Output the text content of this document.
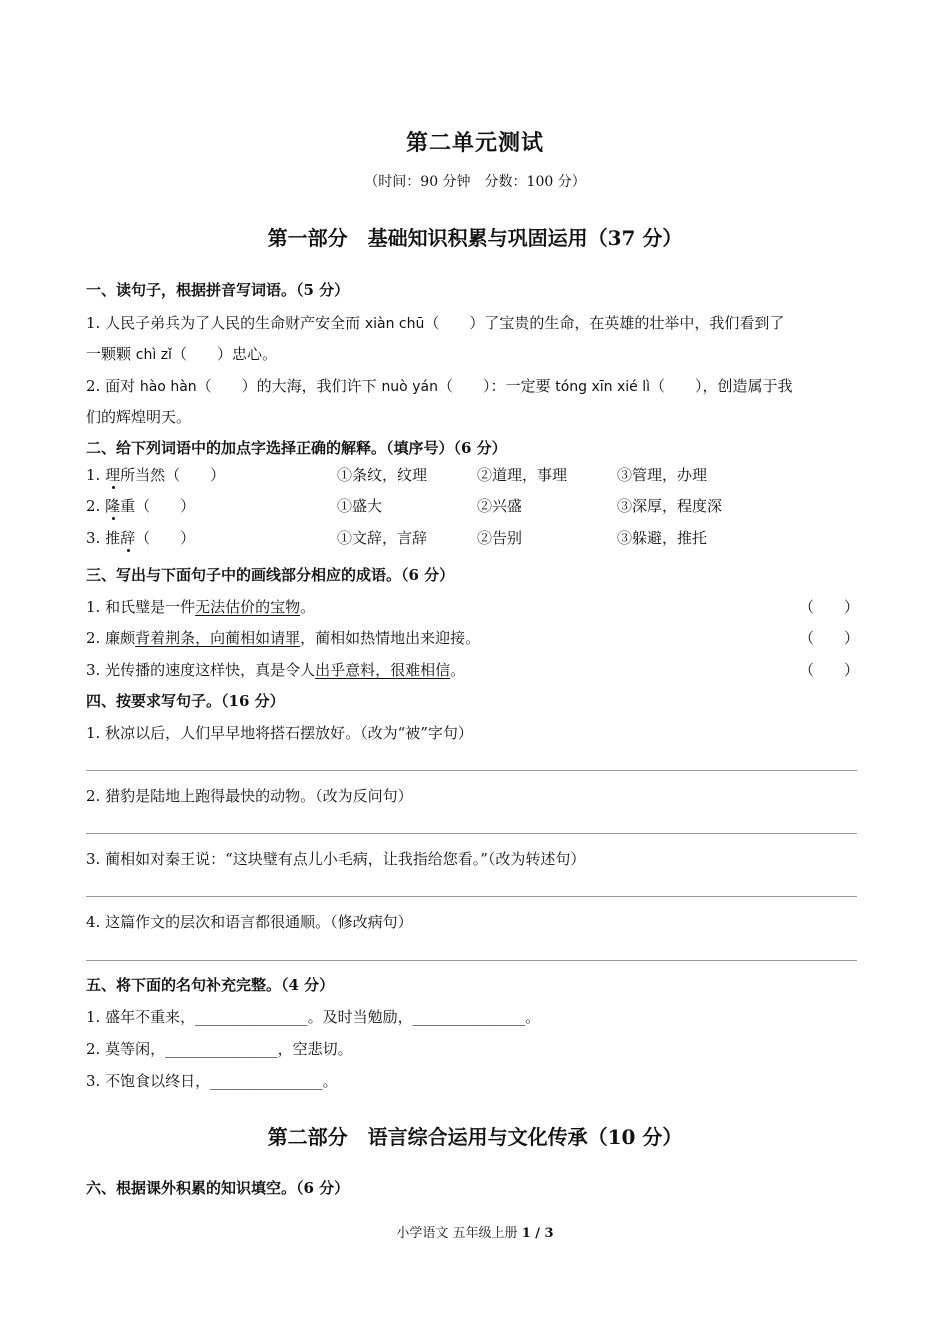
第二单元测试
（时间：90 分钟　分数：100 分）
第一部分　基础知识积累与巩固运用（37 分）
一、读句子，根据拼音写词语。（5 分）
1. 人民子弟兵为了人民的生命财产安全而 xiàn chū（　　）了宝贵的生命，在英雄的壮举中，我们看到了
一颗颗 chì zǐ（　　）忠心。
2. 面对 hào hàn（　　）的大海，我们许下 nuò yán（　　）：一定要 tóng xīn xié lì（　　），创造属于我
们的辉煌明天。
二、给下列词语中的加点字选择正确的解释。（填序号）（6 分）
1. 理所当然（　　）	①条纹，纹理	②道理，事理	③管理，办理
2. 隆重（　　）	①盛大	②兴盛	③深厚，程度深
3. 推辞（　　）	①文辞，言辞	②告别	③躲避，推托
三、写出与下面句子中的画线部分相应的成语。（6 分）
1. 和氏璧是一件无法估价的宝物。	（　　）
2. 廉颇背着荆条，向蔺相如请罪，蔺相如热情地出来迎接。	（　　）
3. 光传播的速度这样快，真是令人出乎意料，很难相信。	（　　）
四、按要求写句子。（16 分）
1. 秋凉以后，人们早早地将搭石摆放好。（改为“被”字句）
2. 猎豹是陆地上跑得最快的动物。（改为反问句）
3. 蔺相如对秦王说：“这块璧有点儿小毛病，让我指给您看。”（改为转述句）
4. 这篇作文的层次和语言都很通顺。（修改病句）
五、将下面的名句补充完整。（4 分）
1. 盛年不重来，_______________。及时当勉励，_______________。
2. 莫等闲，_______________，空悲切。
3. 不饱食以终日，_______________。
第二部分　语言综合运用与文化传承（10 分）
六、根据课外积累的知识填空。（6 分）
小学语文 五年级上册 1 / 3
